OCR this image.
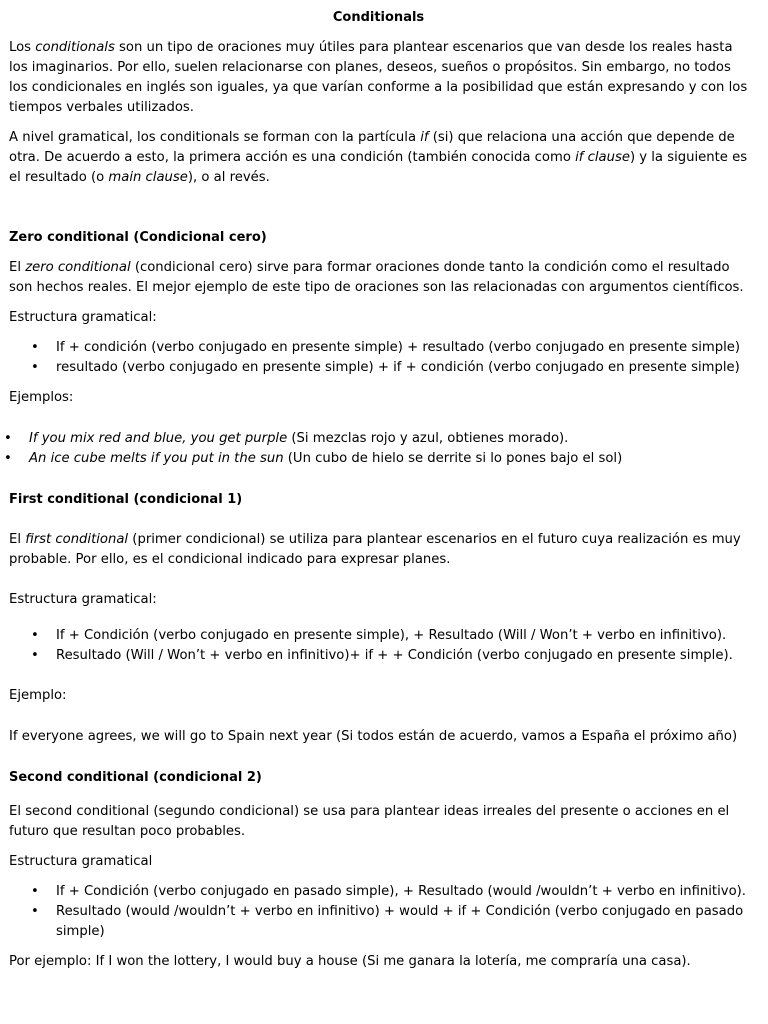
Conditionals

Los conditionals son un tipo de oraciones muy útiles para plantear escenarios que van desde los reales hasta los imaginarios. Por ello, suelen relacionarse con planes, deseos, sueños o propósitos. Sin embargo, no todos los condicionales en inglés son iguales, ya que varían conforme a la posibilidad que están expresando y con los tiempos verbales utilizados.

A nivel gramatical, los conditionals se forman con la partícula if (si) que relaciona una acción que depende de otra. De acuerdo a esto, la primera acción es una condición (también conocida como if clause) y la siguiente es el resultado (o main clause), o al revés.

Zero conditional (Condicional cero)

El zero conditional (condicional cero) sirve para formar oraciones donde tanto la condición como el resultado son hechos reales. El mejor ejemplo de este tipo de oraciones son las relacionadas con argumentos científicos.

Estructura gramatical:

• If + condición (verbo conjugado en presente simple) + resultado (verbo conjugado en presente simple)
• resultado (verbo conjugado en presente simple) + if + condición (verbo conjugado en presente simple)

Ejemplos:

• If you mix red and blue, you get purple (Si mezclas rojo y azul, obtienes morado).
• An ice cube melts if you put in the sun (Un cubo de hielo se derrite si lo pones bajo el sol)

First conditional (condicional 1)

El first conditional (primer condicional) se utiliza para plantear escenarios en el futuro cuya realización es muy probable. Por ello, es el condicional indicado para expresar planes.

Estructura gramatical:

• If + Condición (verbo conjugado en presente simple), + Resultado (Will / Won’t + verbo en infinitivo).
• Resultado (Will / Won’t + verbo en infinitivo)+ if + + Condición (verbo conjugado en presente simple).

Ejemplo:

If everyone agrees, we will go to Spain next year (Si todos están de acuerdo, vamos a España el próximo año)

Second conditional (condicional 2)

El second conditional (segundo condicional) se usa para plantear ideas irreales del presente o acciones en el futuro que resultan poco probables.

Estructura gramatical

• If + Condición (verbo conjugado en pasado simple), + Resultado (would /wouldn’t + verbo en infinitivo).
• Resultado (would /wouldn’t + verbo en infinitivo) + would + if + Condición (verbo conjugado en pasado simple)

Por ejemplo: If I won the lottery, I would buy a house (Si me ganara la lotería, me compraría una casa).
